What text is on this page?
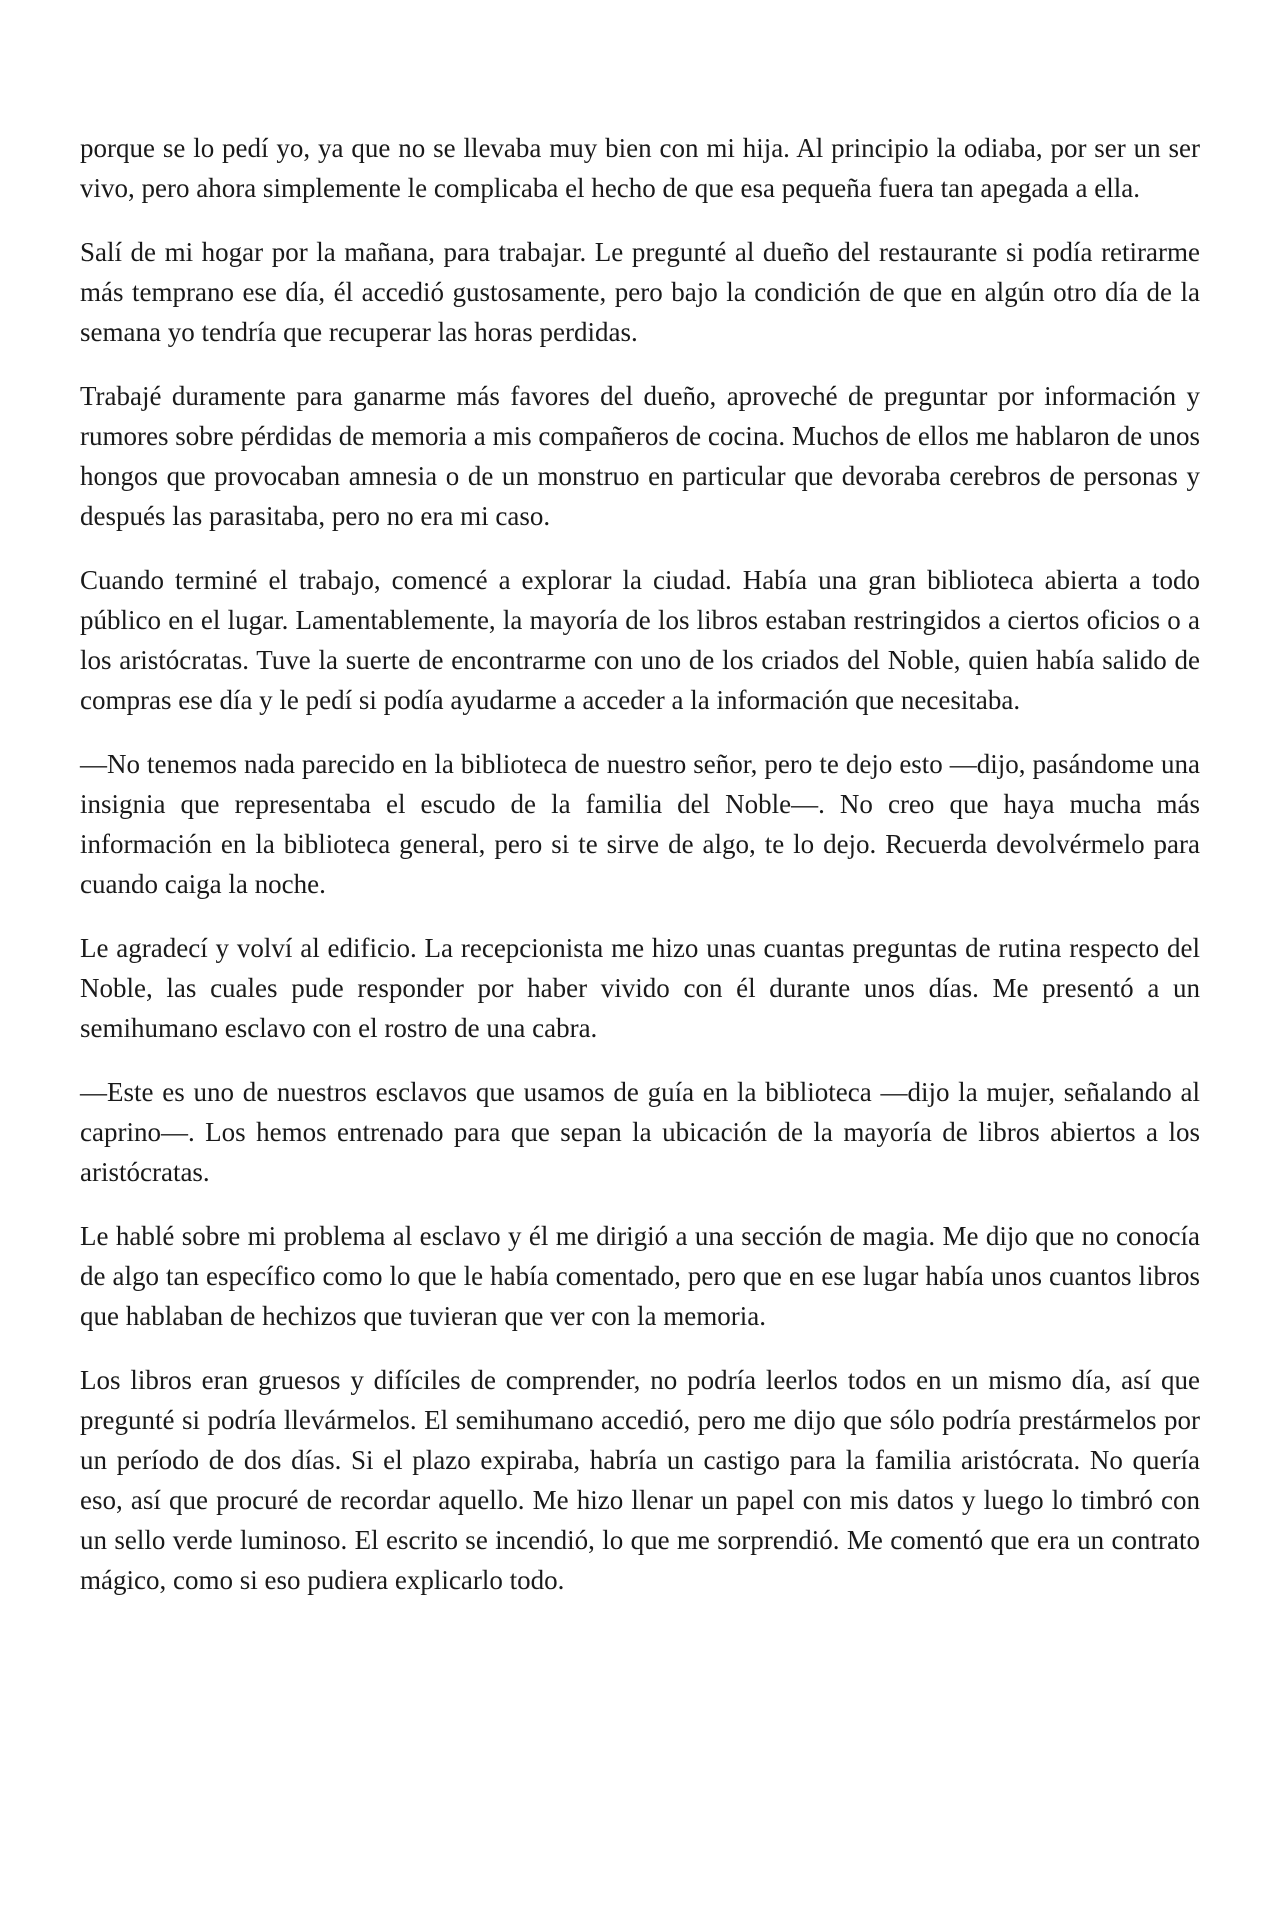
porque se lo pedí yo, ya que no se llevaba muy bien con mi hija. Al principio la odiaba, por ser un ser vivo, pero ahora simplemente le complicaba el hecho de que esa pequeña fuera tan apegada a ella.

Salí de mi hogar por la mañana, para trabajar. Le pregunté al dueño del restaurante si podía retirarme más temprano ese día, él accedió gustosamente, pero bajo la condición de que en algún otro día de la semana yo tendría que recuperar las horas perdidas.

Trabajé duramente para ganarme más favores del dueño, aproveché de preguntar por información y rumores sobre pérdidas de memoria a mis compañeros de cocina. Muchos de ellos me hablaron de unos hongos que provocaban amnesia o de un monstruo en particular que devoraba cerebros de personas y después las parasitaba, pero no era mi caso.

Cuando terminé el trabajo, comencé a explorar la ciudad. Había una gran biblioteca abierta a todo público en el lugar. Lamentablemente, la mayoría de los libros estaban restringidos a ciertos oficios o a los aristócratas. Tuve la suerte de encontrarme con uno de los criados del Noble, quien había salido de compras ese día y le pedí si podía ayudarme a acceder a la información que necesitaba.

—No tenemos nada parecido en la biblioteca de nuestro señor, pero te dejo esto —dijo, pasándome una insignia que representaba el escudo de la familia del Noble—. No creo que haya mucha más información en la biblioteca general, pero si te sirve de algo, te lo dejo. Recuerda devolvérmelo para cuando caiga la noche.

Le agradecí y volví al edificio. La recepcionista me hizo unas cuantas preguntas de rutina respecto del Noble, las cuales pude responder por haber vivido con él durante unos días. Me presentó a un semihumano esclavo con el rostro de una cabra.

—Este es uno de nuestros esclavos que usamos de guía en la biblioteca —dijo la mujer, señalando al caprino—. Los hemos entrenado para que sepan la ubicación de la mayoría de libros abiertos a los aristócratas.

Le hablé sobre mi problema al esclavo y él me dirigió a una sección de magia. Me dijo que no conocía de algo tan específico como lo que le había comentado, pero que en ese lugar había unos cuantos libros que hablaban de hechizos que tuvieran que ver con la memoria.

Los libros eran gruesos y difíciles de comprender, no podría leerlos todos en un mismo día, así que pregunté si podría llevármelos. El semihumano accedió, pero me dijo que sólo podría prestármelos por un período de dos días. Si el plazo expiraba, habría un castigo para la familia aristócrata. No quería eso, así que procuré de recordar aquello. Me hizo llenar un papel con mis datos y luego lo timbró con un sello verde luminoso. El escrito se incendió, lo que me sorprendió. Me comentó que era un contrato mágico, como si eso pudiera explicarlo todo.
